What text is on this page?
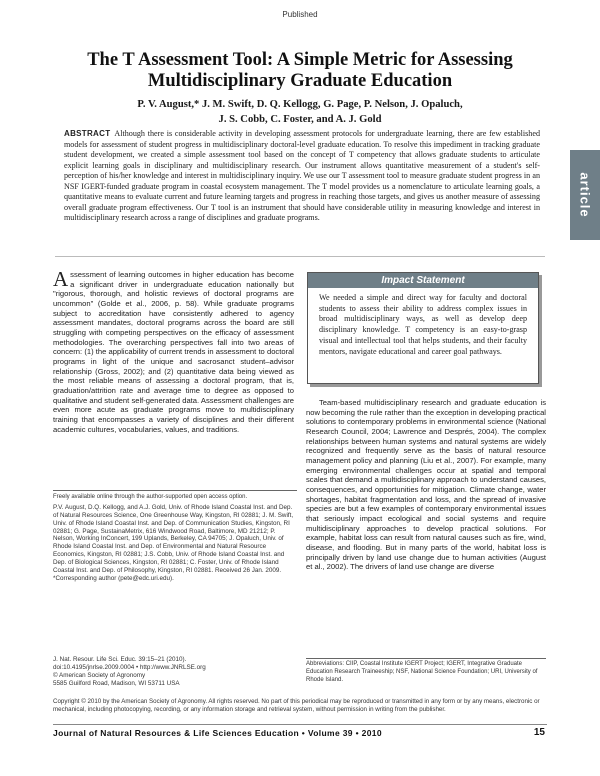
Published
The T Assessment Tool: A Simple Metric for Assessing Multidisciplinary Graduate Education
P. V. August,* J. M. Swift, D. Q. Kellogg, G. Page, P. Nelson, J. Opaluch,
J. S. Cobb, C. Foster, and A. J. Gold
ABSTRACT Although there is considerable activity in developing assessment protocols for undergraduate learning, there are few established models for assessment of student progress in multidisciplinary doctoral-level graduate education. To resolve this impediment in tracking graduate student development, we created a simple assessment tool based on the concept of T competency that allows graduate students to articulate explicit learning goals in disciplinary and multidisciplinary research. Our instrument allows quantitative measurement of a student's self-perception of his/her knowledge and interest in multidisciplinary inquiry. We use our T assessment tool to measure graduate student progress in an NSF IGERT-funded graduate program in coastal ecosystem management. The T model provides us a nomenclature to articulate learning goals, a quantitative means to evaluate current and future learning targets and progress in reaching those targets, and gives us another measure of assessing overall graduate program effectiveness. Our T tool is an instrument that should have considerable utility in measuring knowledge and interest in multidisciplinary research across a range of disciplines and graduate programs.
article
Assessment of learning outcomes in higher education has become a significant driver in undergraduate education nationally but "rigorous, thorough, and holistic reviews of doctoral programs are uncommon" (Golde et al., 2006, p. 58). While graduate programs subject to accreditation have consistently adhered to agency assessment mandates, doctoral programs across the board are still struggling with competing perspectives on the efficacy of assessment methodologies. The overarching perspectives fall into two areas of concern: (1) the applicability of current trends in assessment to doctoral programs in light of the unique and sacrosanct student–advisor relationship (Gross, 2002); and (2) quantitative data being viewed as the most reliable means of assessing a doctoral program, that is, graduation/attrition rate and average time to degree as opposed to qualitative and student self-generated data. Assessment challenges are even more acute as graduate programs move to multidisciplinary training that encompasses a variety of disciplines and their different academic cultures, vocabularies, values, and traditions.
Freely available online through the author-supported open access option.
P.V. August, D.Q. Kellogg, and A.J. Gold, Univ. of Rhode Island Coastal Inst. and Dep. of Natural Resources Science, One Greenhouse Way, Kingston, RI 02881; J. M. Swift, Univ. of Rhode Island Coastal Inst. and Dep. of Communication Studies, Kingston, RI 02881; G. Page, SustainaMetrix, 616 Windwood Road, Baltimore, MD 21212; P. Nelson, Working InConcert, 199 Uplands, Berkeley, CA 94705; J. Opaluch, Univ. of Rhode Island Coastal Inst. and Dep. of Environmental and Natural Resource Economics, Kingston, RI 02881; J.S. Cobb, Univ. of Rhode Island Coastal Inst. and Dep. of Biological Sciences, Kingston, RI 02881; C. Foster, Univ. of Rhode Island Coastal Inst. and Dep. of Philosophy, Kingston, RI 02881. Received 26 Jan. 2009. *Corresponding author (pete@edc.uri.edu).
J. Nat. Resour. Life Sci. Educ. 39:15–21 (2010).
doi:10.4195/jnrlse.2009.0004 • http://www.JNRLSE.org
© American Society of Agronomy
5585 Guilford Road, Madison, WI 53711 USA
Impact Statement
We needed a simple and direct way for faculty and doctoral students to assess their ability to address complex issues in broad multidisciplinary ways, as well as develop deep disciplinary knowledge. T competency is an easy-to-grasp visual and intellectual tool that helps students, and their faculty mentors, navigate educational and career goal pathways.
Team-based multidisciplinary research and graduate education is now becoming the rule rather than the exception in developing practical solutions to contemporary problems in environmental science (National Research Council, 2004; Lawrence and Després, 2004). The complex relationships between human systems and natural systems are widely recognized and frequently serve as the basis of natural resource management policy and planning (Liu et al., 2007). For example, many emerging environmental challenges occur at spatial and temporal scales that demand a multidisciplinary approach to understand causes, consequences, and opportunities for mitigation. Climate change, water shortages, habitat fragmentation and loss, and the spread of invasive species are but a few examples of contemporary environmental issues that seriously impact ecological and social systems and require multidisciplinary approaches to develop practical solutions. For example, habitat loss can result from natural causes such as fire, wind, disease, and flooding. But in many parts of the world, habitat loss is principally driven by land use change due to human activities (August et al., 2002). The drivers of land use change are diverse
Abbreviations: CIIP, Coastal Institute IGERT Project; IGERT, Integrative Graduate Education Research Traineeship; NSF, National Science Foundation; URI, University of Rhode Island.
Copyright © 2010 by the American Society of Agronomy. All rights reserved. No part of this periodical may be reproduced or transmitted in any form or by any means, electronic or mechanical, including photocopying, recording, or any information storage and retrieval system, without permission in writing from the publisher.
Journal of Natural Resources & Life Sciences Education • Volume 39 • 2010	15
